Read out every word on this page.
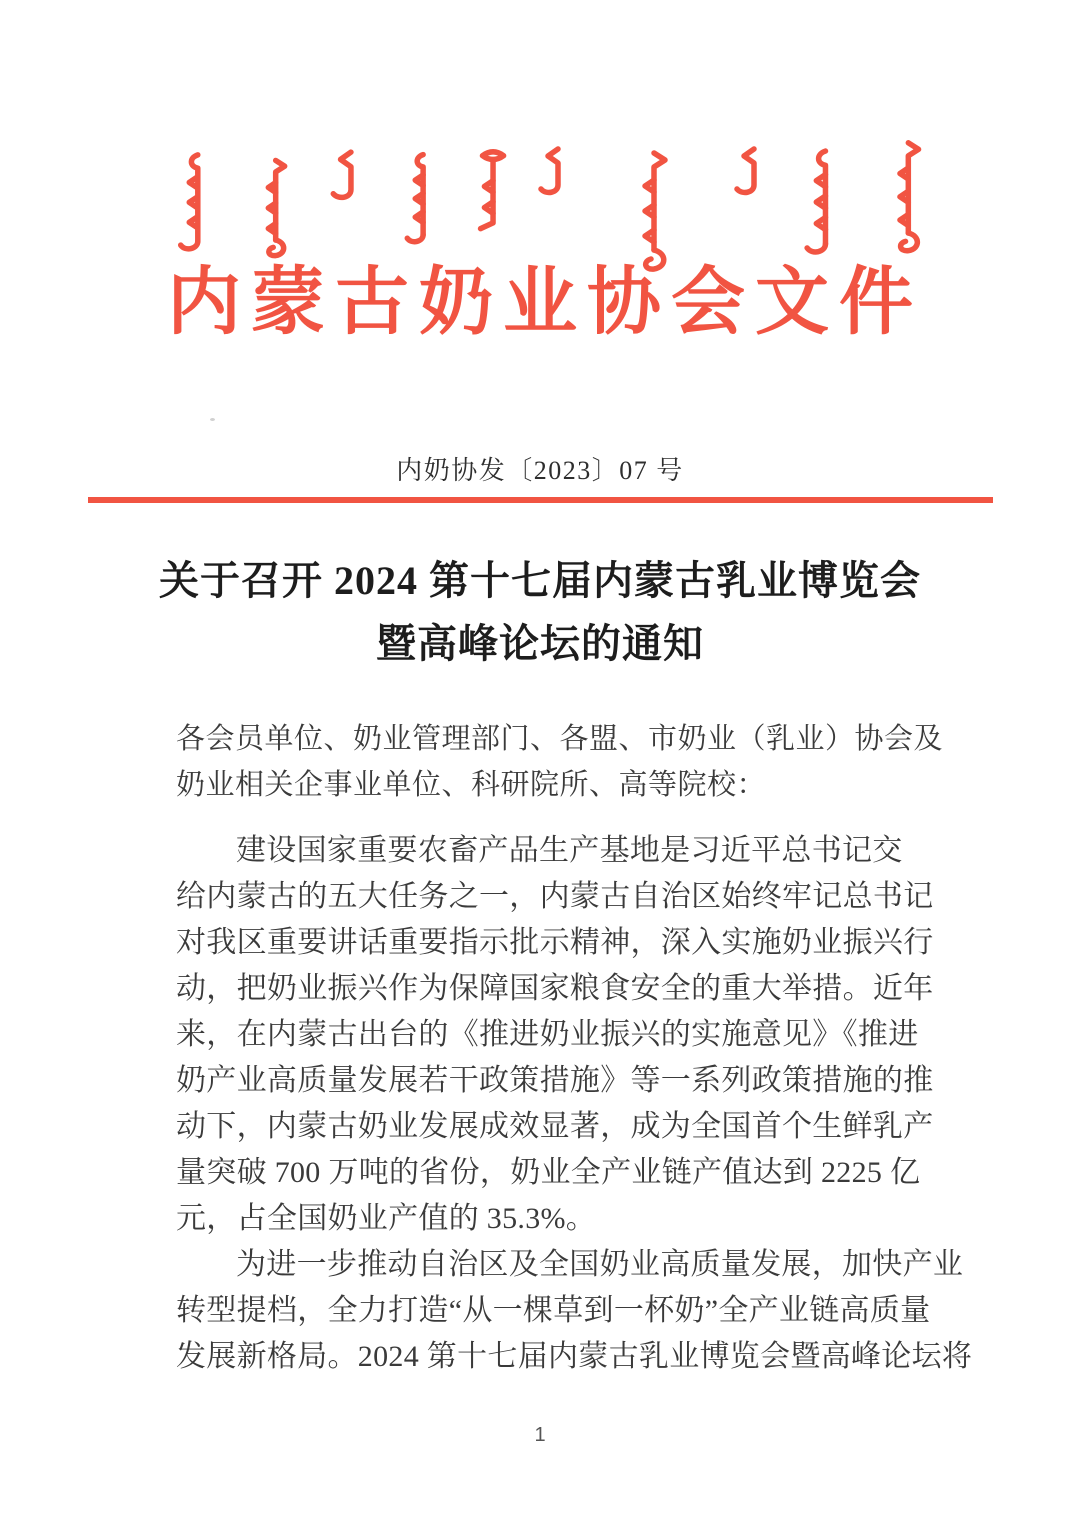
内蒙古奶业协会文件
内奶协发〔2023〕07 号
关于召开 2024 第十七届内蒙古乳业博览会
暨高峰论坛的通知
各会员单位、奶业管理部门、各盟、市奶业（乳业）协会及
奶业相关企事业单位、科研院所、高等院校：
建设国家重要农畜产品生产基地是习近平总书记交
给内蒙古的五大任务之一，内蒙古自治区始终牢记总书记
对我区重要讲话重要指示批示精神，深入实施奶业振兴行
动，把奶业振兴作为保障国家粮食安全的重大举措。近年
来，在内蒙古出台的《推进奶业振兴的实施意见》《推进
奶产业高质量发展若干政策措施》等一系列政策措施的推
动下，内蒙古奶业发展成效显著，成为全国首个生鲜乳产
量突破 700 万吨的省份，奶业全产业链产值达到 2225 亿
元，占全国奶业产值的 35.3%。
为进一步推动自治区及全国奶业高质量发展，加快产业
转型提档，全力打造“从一棵草到一杯奶”全产业链高质量
发展新格局。2024 第十七届内蒙古乳业博览会暨高峰论坛将
1
